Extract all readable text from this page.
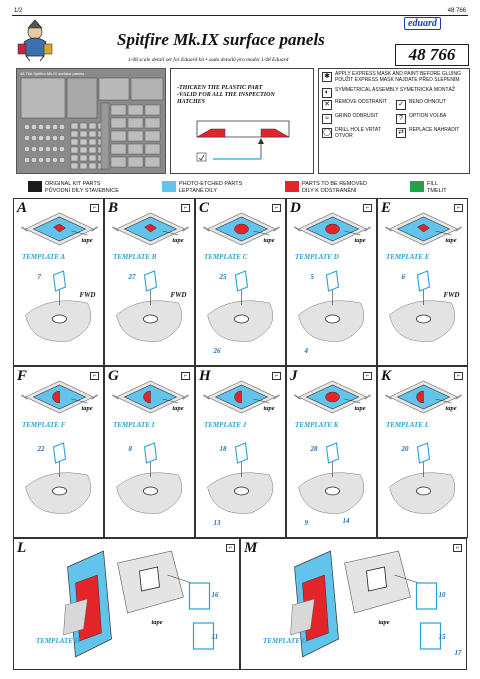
1/2	48 766
eduard
Spitfire Mk.IX surface panels
48 766
1/48 scale detail set for Eduard kit • sada detailů pro model 1/48 Eduard
48 766 Spitfire Mk.IX surface panels
-THICKEN THE PLASTIC PART
-VALID FOR ALL THE INSPECTION
HATCHES
✱	APPLY EXPRESS MASK AND PAINT BEFORE GLUING POUŽIT EXPRESS MASK NAJDATE PŘED SLEPENÍM
◐	SYMMETRICAL ASSEMBLY SYMETRICKÁ MONTÁŽ
✕	REMOVE ODSTRANIT	✓	BEND OHNOUT
≈	GRIND ODBRUSIT	?	OPTION VOLBA
◯ DRILL HOLE VRTAT OTVOR	⇄	REPLACE NAHRADIT
ORIGINAL KIT PARTS
PŮVODNÍ DÍLY STAVEBNICE
PHOTO-ETCHED PARTS
LEPTANÉ DÍLY
PARTS TO BE REMOVED
DÍLY K ODSTRANĚNÍ
FILL
TMELIT
A	⌐
tape
TEMPLATE A
7
FWD
B	⌐
tape
TEMPLATE B
27
FWD
C	⌐
tape
TEMPLATE C
25
26
D	⌐
tape
TEMPLATE D
5
4
E	⌐
tape
TEMPLATE E
6
FWD
F	⌐
tape
TEMPLATE F
22
G	⌐
tape
TEMPLATE I
8
H	⌐
tape
TEMPLATE J
18
13
J	⌐
tape
TEMPLATE K
28
9	14
K	⌐
tape
TEMPLATE L
20
L	⌐
tape
TEMPLATE H
16
11
M	⌐
tape
TEMPLATE G
10
15
17
